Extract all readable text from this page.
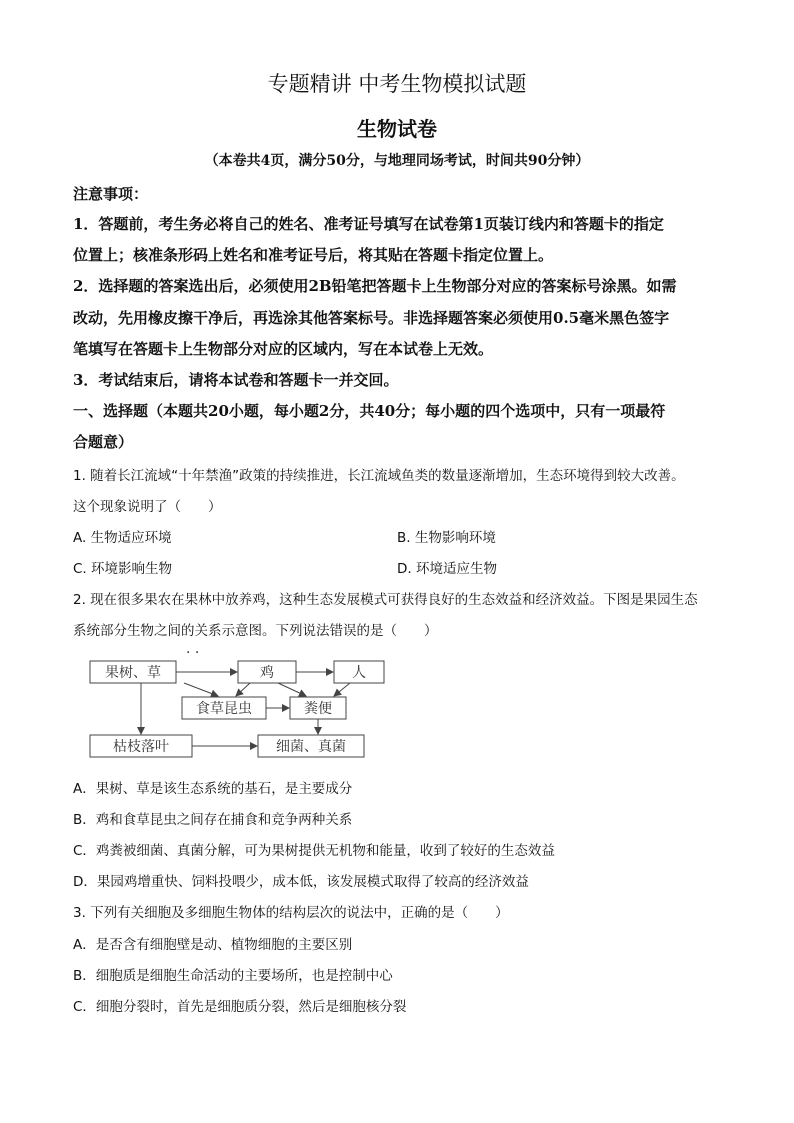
专题精讲 中考生物模拟试题
生物试卷
（本卷共4页，满分50分，与地理同场考试，时间共90分钟）
注意事项：
1．答题前，考生务必将自己的姓名、准考证号填写在试卷第1页装订线内和答题卡的指定
位置上；核准条形码上姓名和准考证号后，将其贴在答题卡指定位置上。
2．选择题的答案选出后，必须使用2B铅笔把答题卡上生物部分对应的答案标号涂黑。如需
改动，先用橡皮擦干净后，再选涂其他答案标号。非选择题答案必须使用0.5毫米黑色签字
笔填写在答题卡上生物部分对应的区域内，写在本试卷上无效。
3．考试结束后，请将本试卷和答题卡一并交回。
一、选择题（本题共20小题，每小题2分，共40分；每小题的四个选项中，只有一项最符
合题意）
1. 随着长江流域“十年禁渔”政策的持续推进，长江流域鱼类的数量逐渐增加，生态环境得到较大改善。
这个现象说明了（　　）
A. 生物适应环境	B. 生物影响环境
C. 环境影响生物	D. 环境适应生物
2. 现在很多果农在果林中放养鸡，这种生态发展模式可获得良好的生态效益和经济效益。下图是果园生态
系统部分生物之间的关系示意图。下列说法错误的是（　　）
· ·
果树、草	鸡	人
食草昆虫	粪便
枯枝落叶	细菌、真菌
A．果树、草是该生态系统的基石，是主要成分
B．鸡和食草昆虫之间存在捕食和竞争两种关系
C．鸡粪被细菌、真菌分解，可为果树提供无机物和能量，收到了较好的生态效益
D．果园鸡增重快、饲料投喂少，成本低，该发展模式取得了较高的经济效益
3. 下列有关细胞及多细胞生物体的结构层次的说法中，正确的是（　　）
A．是否含有细胞壁是动、植物细胞的主要区别
B．细胞质是细胞生命活动的主要场所，也是控制中心
C．细胞分裂时，首先是细胞质分裂，然后是细胞核分裂
